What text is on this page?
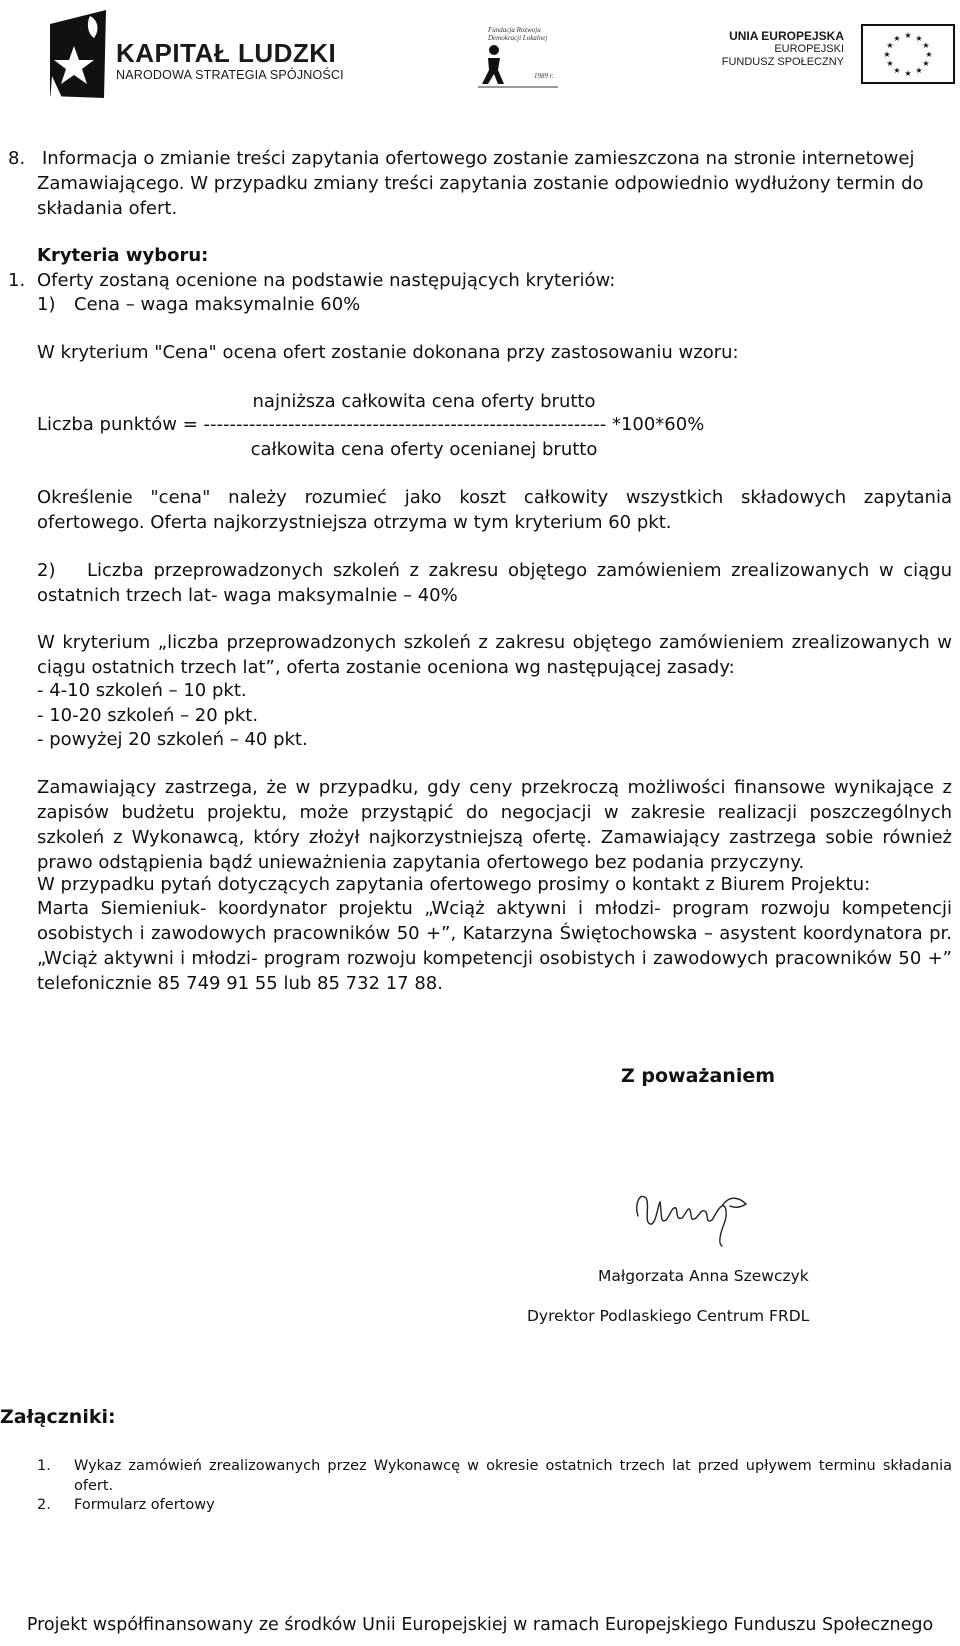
KAPITAŁ LUDZKI
NARODOWA STRATEGIA SPÓJNOŚCI
Fundacja Rozwoju
Demokracji Lokalnej
1989 r.
UNIA EUROPEJSKA
EUROPEJSKI
FUNDUSZ SPOŁECZNY
★ ★
★
★
★
★
★
★
★
★
★
★
8. Informacja o zmianie treści zapytania ofertowego zostanie zamieszczona na stronie internetowej
Zamawiającego. W przypadku zmiany treści zapytania zostanie odpowiednio wydłużony termin do
składania ofert.
Kryteria wyboru:
1. Oferty zostaną ocenione na podstawie następujących kryteriów:
1) Cena – waga maksymalnie 60%
W kryterium "Cena" ocena ofert zostanie dokonana przy zastosowaniu wzoru:
najniższa całkowita cena oferty brutto
Liczba punktów = -------------------------------------------------------------- *100*60%
całkowita cena oferty ocenianej brutto
Określenie "cena" należy rozumieć jako koszt całkowity wszystkich składowych zapytania ofertowego. Oferta najkorzystniejsza otrzyma w tym kryterium 60 pkt.
2)	Liczba przeprowadzonych szkoleń z zakresu objętego zamówieniem zrealizowanych w ciągu ostatnich trzech lat- waga maksymalnie – 40%
W kryterium „liczba przeprowadzonych szkoleń z zakresu objętego zamówieniem zrealizowanych w ciągu ostatnich trzech lat”, oferta zostanie oceniona wg następującej zasady:
- 4-10 szkoleń – 10 pkt.
- 10-20 szkoleń – 20 pkt.
- powyżej 20 szkoleń – 40 pkt.
Zamawiający zastrzega, że w przypadku, gdy ceny przekroczą możliwości finansowe wynikające z zapisów budżetu projektu, może przystąpić do negocjacji w zakresie realizacji poszczególnych szkoleń z Wykonawcą, który złożył najkorzystniejszą ofertę. Zamawiający zastrzega sobie również prawo odstąpienia bądź unieważnienia zapytania ofertowego bez podania przyczyny.
W przypadku pytań dotyczących zapytania ofertowego prosimy o kontakt z Biurem Projektu:
Marta Siemieniuk- koordynator projektu „Wciąż aktywni i młodzi- program rozwoju kompetencji osobistych i zawodowych pracowników 50 +”, Katarzyna Świętochowska – asystent koordynatora pr. „Wciąż aktywni i młodzi- program rozwoju kompetencji osobistych i zawodowych pracowników 50 +” telefonicznie 85 749 91 55 lub 85 732 17 88.
Z poważaniem
Małgorzata Anna Szewczyk
Dyrektor Podlaskiego Centrum FRDL
Załączniki:
1. Wykaz zamówień zrealizowanych przez Wykonawcę w okresie ostatnich trzech lat przed upływem terminu składania ofert.
2. Formularz ofertowy
Projekt współfinansowany ze środków Unii Europejskiej w ramach Europejskiego Funduszu Społecznego
